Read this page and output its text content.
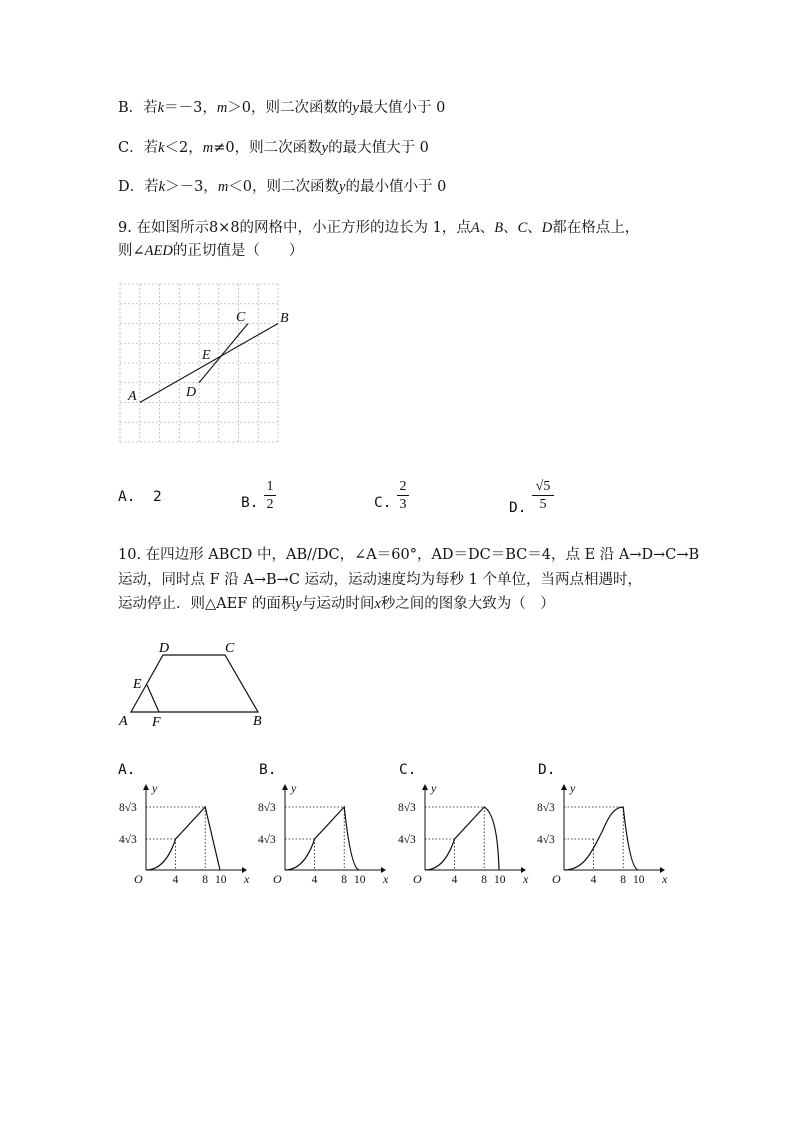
B．若k＝－3，m＞0，则二次函数的y最大值小于 0
C．若k＜2，m≠0，则二次函数y的最大值大于 0
D．若k＞－3，m＜0，则二次函数y的最小值小于 0
9. 在如图所示8×8的网格中，小正方形的边长为 1，点A、B、C、D都在格点上，
则∠AED的正切值是（　　）
A
B
C
D
E
A. 2	B.
1
2	C.
2
3	D.
√5
5
10. 在四边形 ABCD 中，AB//DC，∠A＝60°，AD＝DC＝BC＝4，点 E 沿 A→D→C→B
运动，同时点 F 沿 A→B→C 运动，运动速度均为每秒 1 个单位，当两点相遇时，
运动停止．则△AEF 的面积y与运动时间x秒之间的图象大致为（　）
A	B
C
D
E
F
A.	B.	C.	D.
y
x
O	4 8 10
8√3
4√3
y
x
O	4 8 10
8√3
4√3
y
x
O	4 8 10
8√3
4√3
y
x
O	4 8 10
8√3
4√3
